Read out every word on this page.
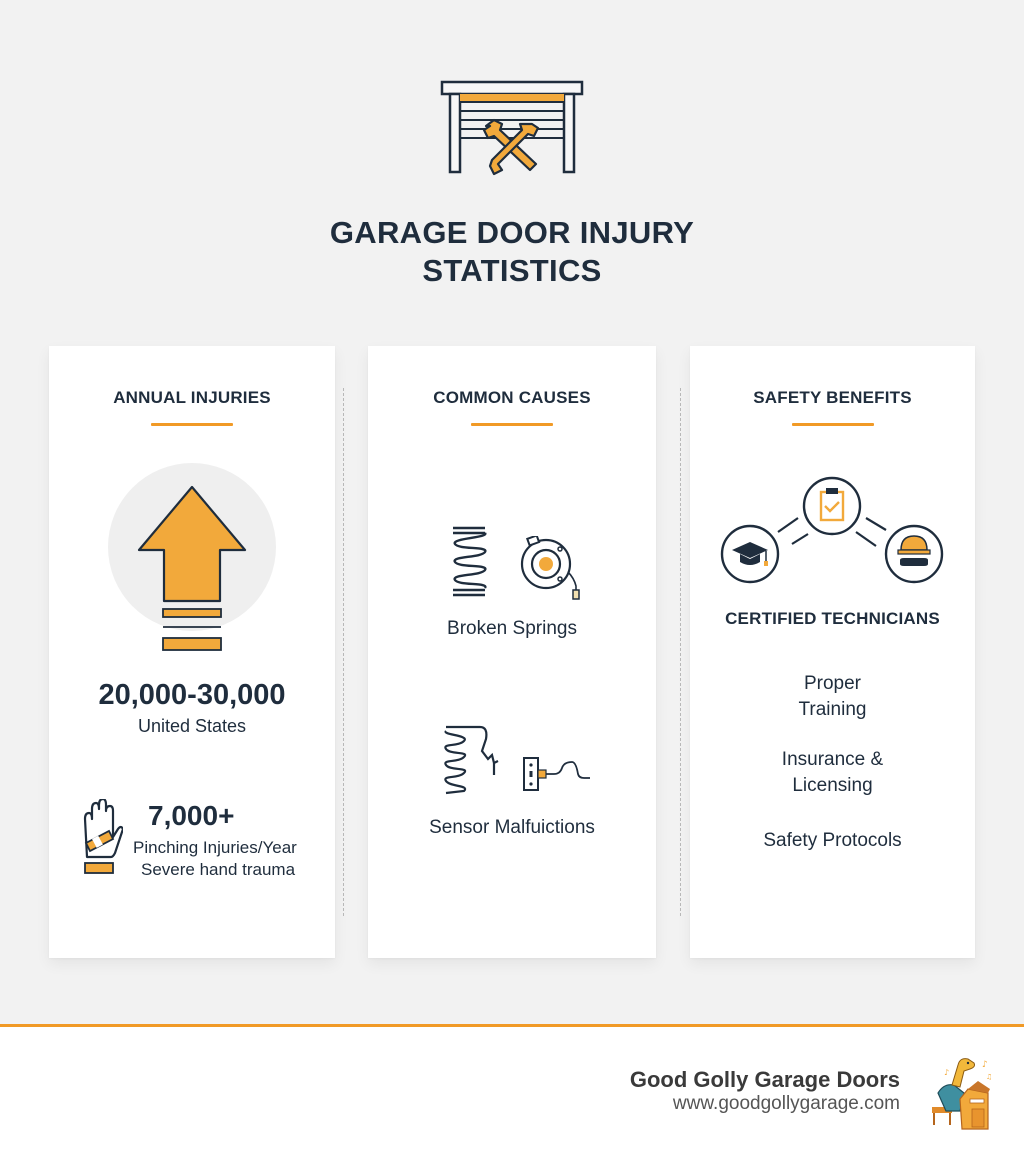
GARAGE DOOR INJURY
STATISTICS
ANNUAL INJURIES
20,000-30,000
United States
7,000+
Pinching Injuries/Year
Severe hand trauma
COMMON CAUSES
Broken Springs
Sensor Malfuictions
SAFETY BENEFITS
CERTIFIED TECHNICIANS
Proper
Training
Insurance &
Licensing
Safety Protocols
Good Golly Garage Doors
www.goodgollygarage.com
♪
♪	♫
